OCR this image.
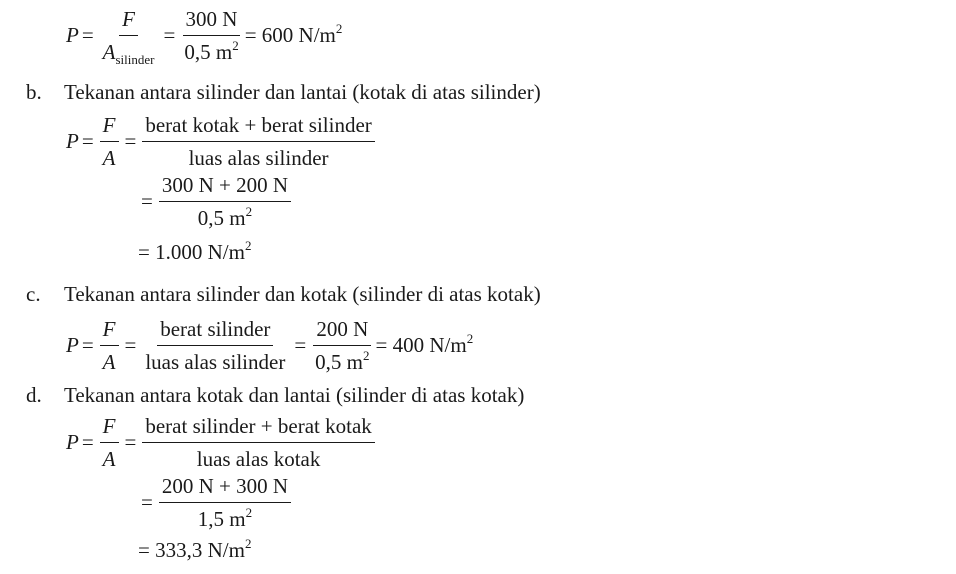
$P = \frac{F}{A_{silinder}} = \frac{300 N}{0,5 m^2} = 600$ $N/m^2$
b. Tekanan antara silinder dan lantai (kotak di atas silinder)
$P = \frac{F}{A} = \frac{\text{berat kotak + berat silinder}}{\text{luas alas silinder}}$
= $\frac{300 N + 200 N}{0,5 m^2}$
= 1.000 $N/m^2$
c. Tekanan antara silinder dan kotak (silinder di atas kotak)
$P = \frac{F}{A} = \frac{\text{berat silinder}}{\text{luas alas silinder}} = \frac{200 N}{0,5 m^2} = 400$ $N/m^2$
d. Tekanan antara kotak dan lantai (silinder di atas kotak)
$P = \frac{F}{A} = \frac{\text{berat silinder + berat kotak}}{\text{luas alas kotak}}$
= $\frac{200 N + 300 N}{1,5 m^2}$
= 333,3 $N/m^2$
